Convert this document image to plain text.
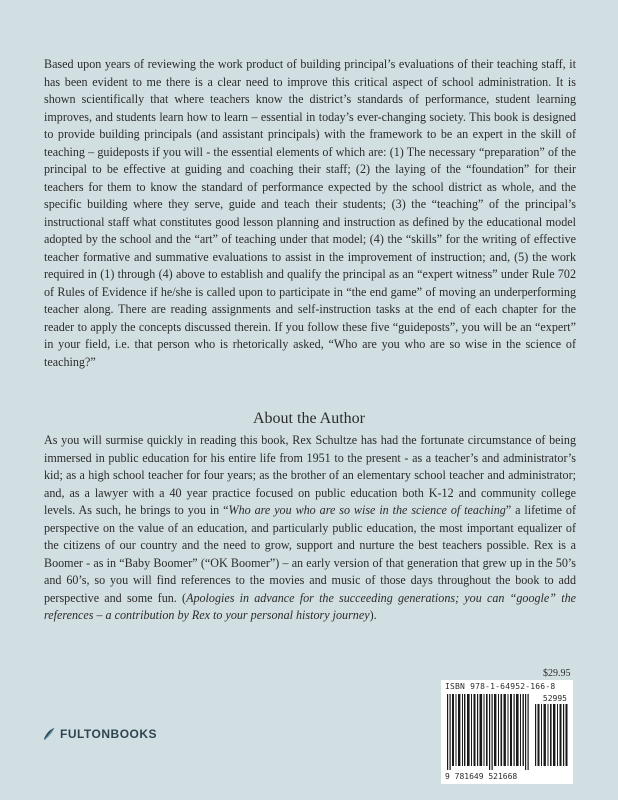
Based upon years of reviewing the work product of building principal’s evaluations of their teaching staff, it has been evident to me there is a clear need to improve this critical aspect of school administration. It is shown scientifically that where teachers know the district’s standards of performance, student learning improves, and students learn how to learn – essential in today’s ever-changing society. This book is designed to provide building principals (and assistant principals) with the framework to be an expert in the skill of teaching – guideposts if you will - the essential elements of which are: (1) The necessary “preparation” of the principal to be effective at guiding and coaching their staff; (2) the laying of the “foundation” for their teachers for them to know the standard of performance expected by the school district as whole, and the specific building where they serve, guide and teach their students; (3) the “teaching” of the principal’s instructional staff what constitutes good lesson planning and instruction as defined by the educational model adopted by the school and the “art” of teaching under that model; (4) the “skills” for the writing of effective teacher formative and summative evaluations to assist in the improvement of instruction; and, (5) the work required in (1) through (4) above to establish and qualify the principal as an “expert witness” under Rule 702 of Rules of Evidence if he/she is called upon to participate in “the end game” of moving an underperforming teacher along. There are reading assignments and self-instruction tasks at the end of each chapter for the reader to apply the concepts discussed therein. If you follow these five “guideposts”, you will be an “expert” in your field, i.e. that person who is rhetorically asked, “Who are you who are so wise in the science of teaching?”

About the Author

As you will surmise quickly in reading this book, Rex Schultze has had the fortunate circumstance of being immersed in public education for his entire life from 1951 to the present - as a teacher’s and administrator’s kid; as a high school teacher for four years; as the brother of an elementary school teacher and administrator; and, as a lawyer with a 40 year practice focused on public education both K-12 and community college levels. As such, he brings to you in “Who are you who are so wise in the science of teaching” a lifetime of perspective on the value of an education, and particularly public education, the most important equalizer of the citizens of our country and the need to grow, support and nurture the best teachers possible. Rex is a Boomer - as in “Baby Boomer” (“OK Boomer”) – an early version of that generation that grew up in the 50’s and 60’s, so you will find references to the movies and music of those days throughout the book to add perspective and some fun. (Apologies in advance for the succeeding generations; you can “google” the references – a contribution by Rex to your personal history journey).

$29.95
ISBN 978-1-64952-166-8
52995
9 781649 521668
FULTONBOOKS
